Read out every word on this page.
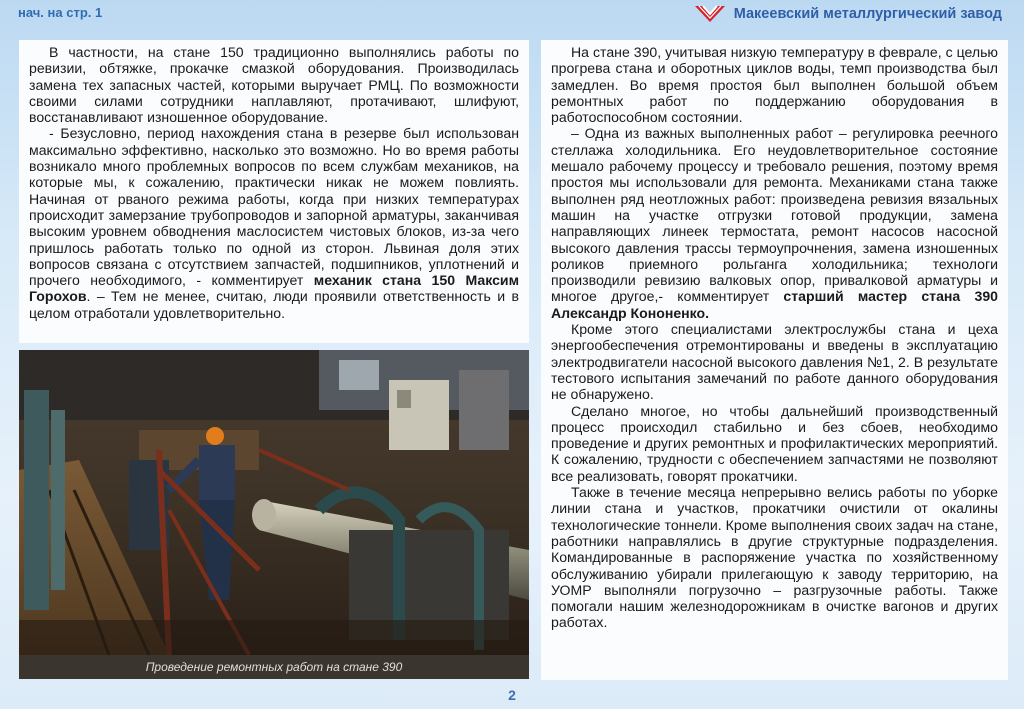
нач. на стр. 1	Макеевский металлургический завод

В частности, на стане 150 традиционно выполнялись работы по ревизии, обтяжке, прокачке смазкой оборудования. Производилась замена тех запасных частей, которыми выручает РМЦ. По возможности своими силами сотрудники наплавляют, протачивают, шлифуют, восстанавливают изношенное оборудование.

- Безусловно, период нахождения стана в резерве был использован максимально эффективно, насколько это возможно. Но во время работы возникало много проблемных вопросов по всем службам механиков, на которые мы, к сожалению, практически никак не можем повлиять. Начиная от рваного режима работы, когда при низких температурах происходит замерзание трубопроводов и запорной арматуры, заканчивая высоким уровнем обводнения маслосистем чистовых блоков, из-за чего пришлось работать только по одной из сторон. Львиная доля этих вопросов связана с отсутствием запчастей, подшипников, уплотнений и прочего необходимого, - комментирует механик стана 150 Максим Горохов. – Тем не менее, считаю, люди проявили ответственность и в целом отработали удовлетворительно.

Проведение ремонтных работ на стане 390

На стане 390, учитывая низкую температуру в феврале, с целью прогрева стана и оборотных циклов воды, темп производства был замедлен. Во время простоя был выполнен большой объем ремонтных работ по поддержанию оборудования в работоспособном состоянии.

– Одна из важных выполненных работ – регулировка реечного стеллажа холодильника. Его неудовлетворительное состояние мешало рабочему процессу и требовало решения, поэтому время простоя мы использовали для ремонта. Механиками стана также выполнен ряд неотложных работ: произведена ревизия вязальных машин на участке отгрузки готовой продукции, замена направляющих линеек термостата, ремонт насосов насосной высокого давления трассы термоупрочнения, замена изношенных роликов приемного рольганга холодильника; технологи производили ревизию валковых опор, привалковой арматуры и многое другое,- комментирует старший мастер стана 390 Александр Кононенко.

Кроме этого специалистами электрослужбы стана и цеха энергообеспечения отремонтированы и введены в эксплуатацию электродвигатели насосной высокого давления №1, 2. В результате тестового испытания замечаний по работе данного оборудования не обнаружено.

Сделано многое, но чтобы дальнейший производственный процесс происходил стабильно и без сбоев, необходимо проведение и других ремонтных и профилактических мероприятий. К сожалению, трудности с обеспечением запчастями не позволяют все реализовать, говорят прокатчики.

Также в течение месяца непрерывно велись работы по уборке линии стана и участков, прокатчики очистили от окалины технологические тоннели. Кроме выполнения своих задач на стане, работники направлялись в другие структурные подразделения. Командированные в распоряжение участка по хозяйственному обслуживанию убирали прилегающую к заводу территорию, на УОМР выполняли погрузочно – разгрузочные работы. Также помогали нашим железнодорожникам в очистке вагонов и других работах.

2
